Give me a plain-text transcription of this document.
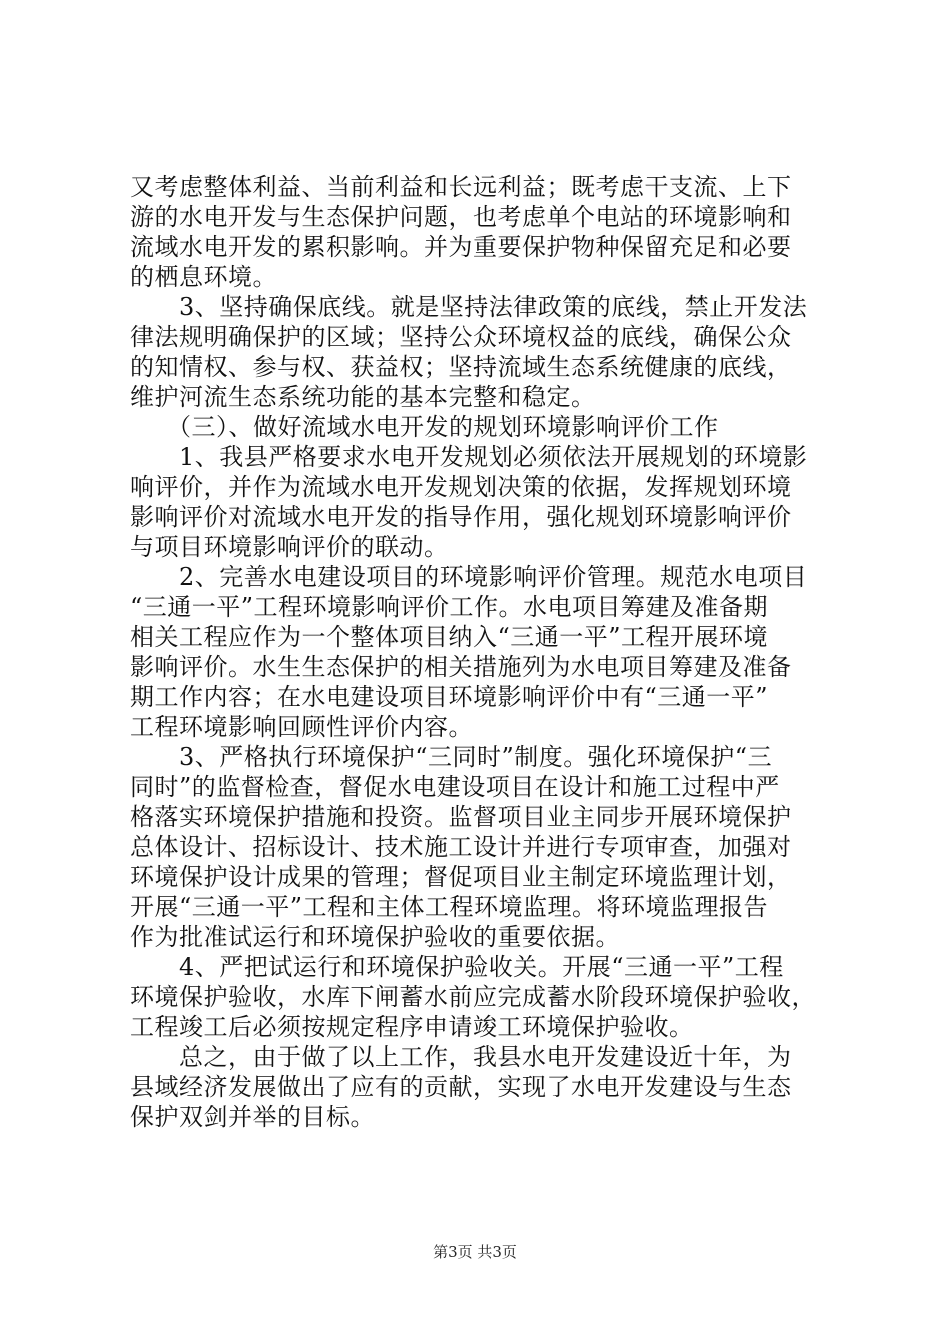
又考虑整体利益、当前利益和长远利益；既考虑干支流、上下
游的水电开发与生态保护问题，也考虑单个电站的环境影响和
流域水电开发的累积影响。并为重要保护物种保留充足和必要
的栖息环境。
　　3、坚持确保底线。就是坚持法律政策的底线，禁止开发法
律法规明确保护的区域；坚持公众环境权益的底线，确保公众
的知情权、参与权、获益权；坚持流域生态系统健康的底线，
维护河流生态系统功能的基本完整和稳定。
　　（三）、做好流域水电开发的规划环境影响评价工作
　　1、我县严格要求水电开发规划必须依法开展规划的环境影
响评价，并作为流域水电开发规划决策的依据，发挥规划环境
影响评价对流域水电开发的指导作用，强化规划环境影响评价
与项目环境影响评价的联动。
　　2、完善水电建设项目的环境影响评价管理。规范水电项目
“三通一平”工程环境影响评价工作。水电项目筹建及准备期
相关工程应作为一个整体项目纳入“三通一平”工程开展环境
影响评价。水生生态保护的相关措施列为水电项目筹建及准备
期工作内容；在水电建设项目环境影响评价中有“三通一平”
工程环境影响回顾性评价内容。
　　3、严格执行环境保护“三同时”制度。强化环境保护“三
同时”的监督检查，督促水电建设项目在设计和施工过程中严
格落实环境保护措施和投资。监督项目业主同步开展环境保护
总体设计、招标设计、技术施工设计并进行专项审查，加强对
环境保护设计成果的管理；督促项目业主制定环境监理计划，
开展“三通一平”工程和主体工程环境监理。将环境监理报告
作为批准试运行和环境保护验收的重要依据。
　　4、严把试运行和环境保护验收关。开展“三通一平”工程
环境保护验收，水库下闸蓄水前应完成蓄水阶段环境保护验收，
工程竣工后必须按规定程序申请竣工环境保护验收。
　　总之，由于做了以上工作，我县水电开发建设近十年，为
县域经济发展做出了应有的贡献，实现了水电开发建设与生态
保护双剑并举的目标。
第3页 共3页
